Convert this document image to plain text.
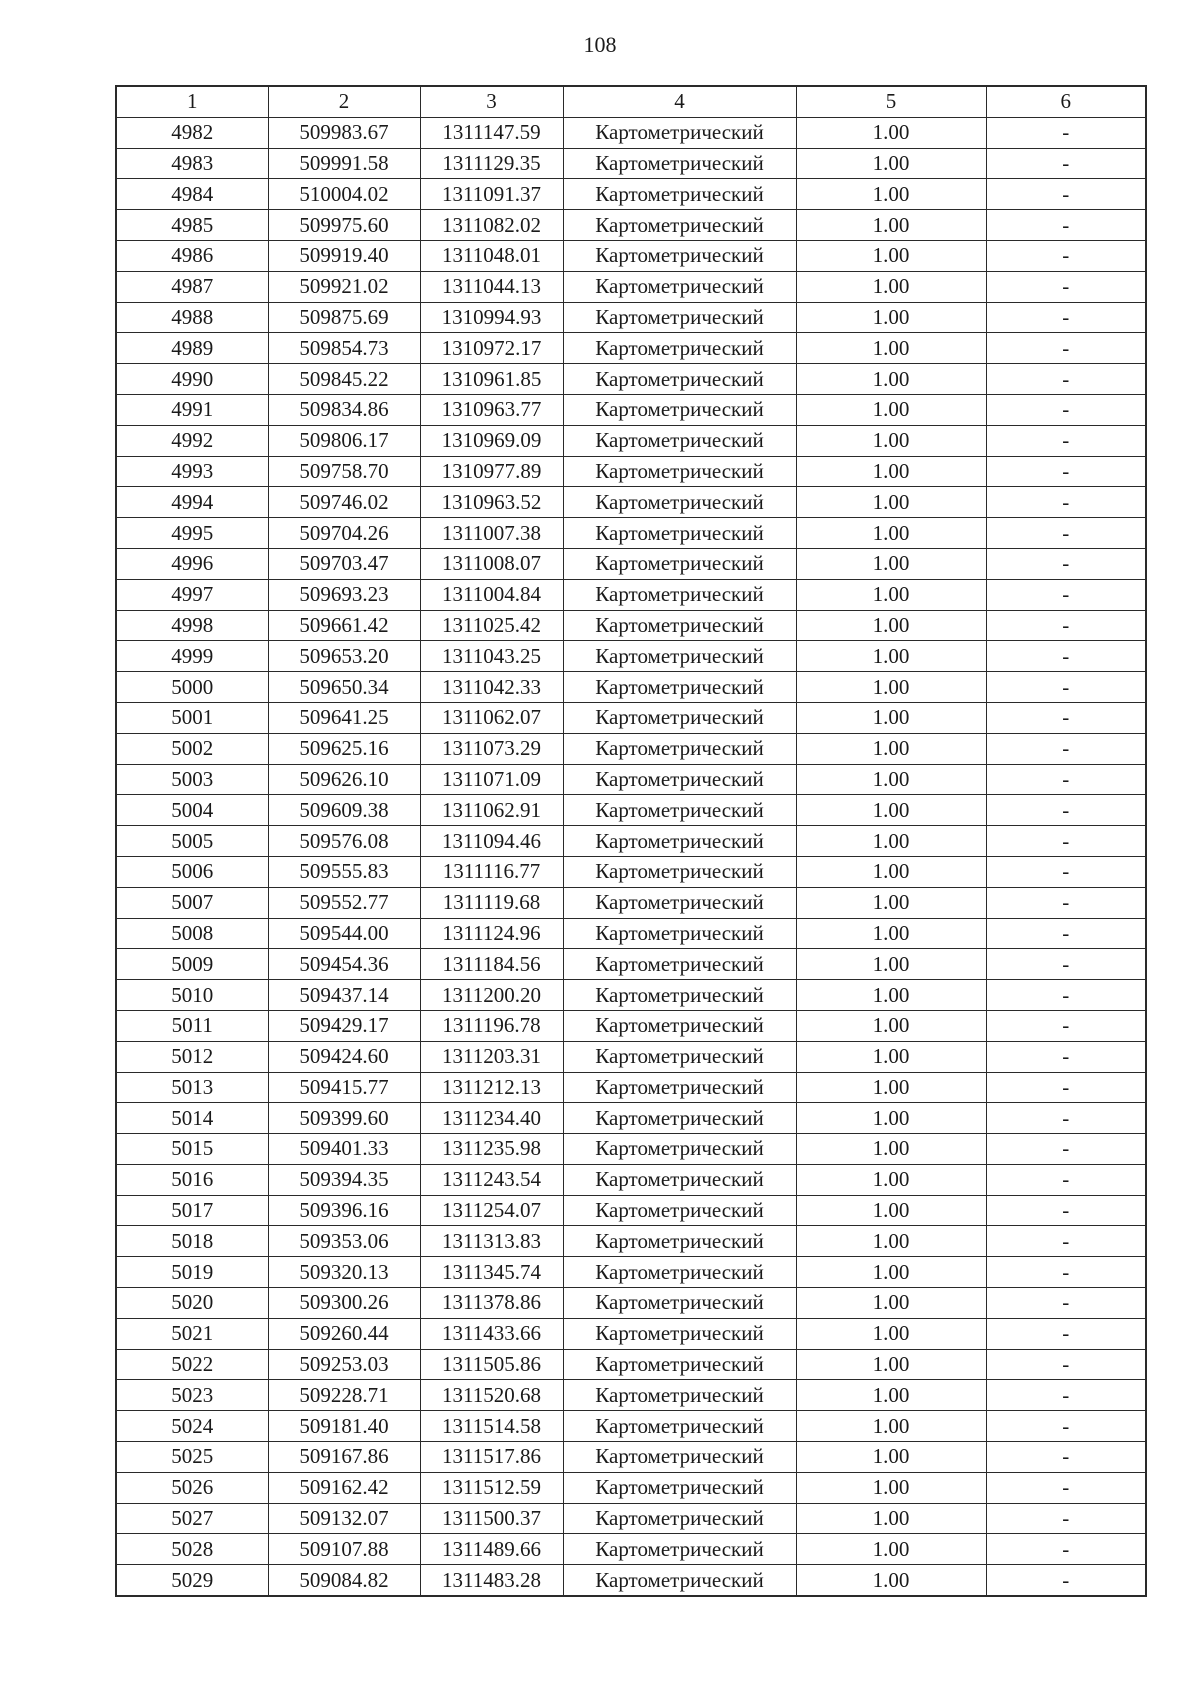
108
1	2	3	4	5	6
4982	509983.67	1311147.59	Картометрический	1.00	-
4983	509991.58	1311129.35	Картометрический	1.00	-
4984	510004.02	1311091.37	Картометрический	1.00	-
4985	509975.60	1311082.02	Картометрический	1.00	-
4986	509919.40	1311048.01	Картометрический	1.00	-
4987	509921.02	1311044.13	Картометрический	1.00	-
4988	509875.69	1310994.93	Картометрический	1.00	-
4989	509854.73	1310972.17	Картометрический	1.00	-
4990	509845.22	1310961.85	Картометрический	1.00	-
4991	509834.86	1310963.77	Картометрический	1.00	-
4992	509806.17	1310969.09	Картометрический	1.00	-
4993	509758.70	1310977.89	Картометрический	1.00	-
4994	509746.02	1310963.52	Картометрический	1.00	-
4995	509704.26	1311007.38	Картометрический	1.00	-
4996	509703.47	1311008.07	Картометрический	1.00	-
4997	509693.23	1311004.84	Картометрический	1.00	-
4998	509661.42	1311025.42	Картометрический	1.00	-
4999	509653.20	1311043.25	Картометрический	1.00	-
5000	509650.34	1311042.33	Картометрический	1.00	-
5001	509641.25	1311062.07	Картометрический	1.00	-
5002	509625.16	1311073.29	Картометрический	1.00	-
5003	509626.10	1311071.09	Картометрический	1.00	-
5004	509609.38	1311062.91	Картометрический	1.00	-
5005	509576.08	1311094.46	Картометрический	1.00	-
5006	509555.83	1311116.77	Картометрический	1.00	-
5007	509552.77	1311119.68	Картометрический	1.00	-
5008	509544.00	1311124.96	Картометрический	1.00	-
5009	509454.36	1311184.56	Картометрический	1.00	-
5010	509437.14	1311200.20	Картометрический	1.00	-
5011	509429.17	1311196.78	Картометрический	1.00	-
5012	509424.60	1311203.31	Картометрический	1.00	-
5013	509415.77	1311212.13	Картометрический	1.00	-
5014	509399.60	1311234.40	Картометрический	1.00	-
5015	509401.33	1311235.98	Картометрический	1.00	-
5016	509394.35	1311243.54	Картометрический	1.00	-
5017	509396.16	1311254.07	Картометрический	1.00	-
5018	509353.06	1311313.83	Картометрический	1.00	-
5019	509320.13	1311345.74	Картометрический	1.00	-
5020	509300.26	1311378.86	Картометрический	1.00	-
5021	509260.44	1311433.66	Картометрический	1.00	-
5022	509253.03	1311505.86	Картометрический	1.00	-
5023	509228.71	1311520.68	Картометрический	1.00	-
5024	509181.40	1311514.58	Картометрический	1.00	-
5025	509167.86	1311517.86	Картометрический	1.00	-
5026	509162.42	1311512.59	Картометрический	1.00	-
5027	509132.07	1311500.37	Картометрический	1.00	-
5028	509107.88	1311489.66	Картометрический	1.00	-
5029	509084.82	1311483.28	Картометрический	1.00	-
